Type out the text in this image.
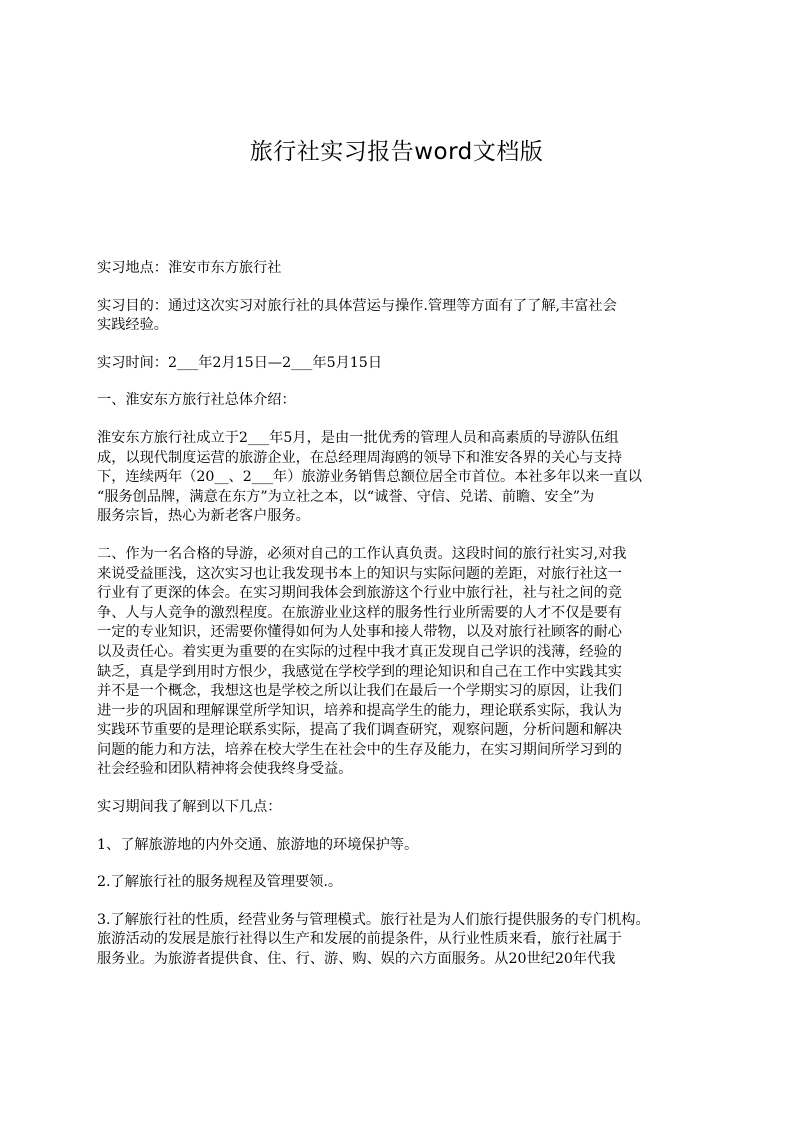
旅行社实习报告word文档版

实习地点：淮安市东方旅行社

实习目的：通过这次实习对旅行社的具体营运与操作.管理等方面有了了解,丰富社会

实践经验。

实习时间：2___年2月15日—2___年5月15日

一、淮安东方旅行社总体介绍：

淮安东方旅行社成立于2___年5月，是由一批优秀的管理人员和高素质的导游队伍组

成，以现代制度运营的旅游企业，在总经理周海鸥的领导下和淮安各界的关心与支持

下，连续两年（20__、2___年）旅游业务销售总额位居全市首位。本社多年以来一直以

“服务创品牌，满意在东方”为立社之本，以“诚誉、守信、兑诺、前瞻、安全”为

服务宗旨，热心为新老客户服务。

二、作为一名合格的导游，必须对自己的工作认真负责。这段时间的旅行社实习,对我

来说受益匪浅，这次实习也让我发现书本上的知识与实际问题的差距，对旅行社这一

行业有了更深的体会。在实习期间我体会到旅游这个行业中旅行社，社与社之间的竞

争、人与人竞争的激烈程度。在旅游业业这样的服务性行业所需要的人才不仅是要有

一定的专业知识，还需要你懂得如何为人处事和接人带物，以及对旅行社顾客的耐心

以及责任心。着实更为重要的在实际的过程中我才真正发现自己学识的浅薄，经验的

缺乏，真是学到用时方恨少，我感觉在学校学到的理论知识和自己在工作中实践其实

并不是一个概念，我想这也是学校之所以让我们在最后一个学期实习的原因，让我们

进一步的巩固和理解课堂所学知识，培养和提高学生的能力，理论联系实际，我认为

实践环节重要的是理论联系实际，提高了我们调查研究，观察问题，分析问题和解决

问题的能力和方法，培养在校大学生在社会中的生存及能力，在实习期间所学习到的

社会经验和团队精神将会使我终身受益。

实习期间我了解到以下几点：

1、了解旅游地的内外交通、旅游地的环境保护等。

2.了解旅行社的服务规程及管理要领.。

3.了解旅行社的性质，经营业务与管理模式。旅行社是为人们旅行提供服务的专门机构。

旅游活动的发展是旅行社得以生产和发展的前提条件，从行业性质来看，旅行社属于

服务业。为旅游者提供食、住、行、游、购、娱的六方面服务。从20世纪20年代我
